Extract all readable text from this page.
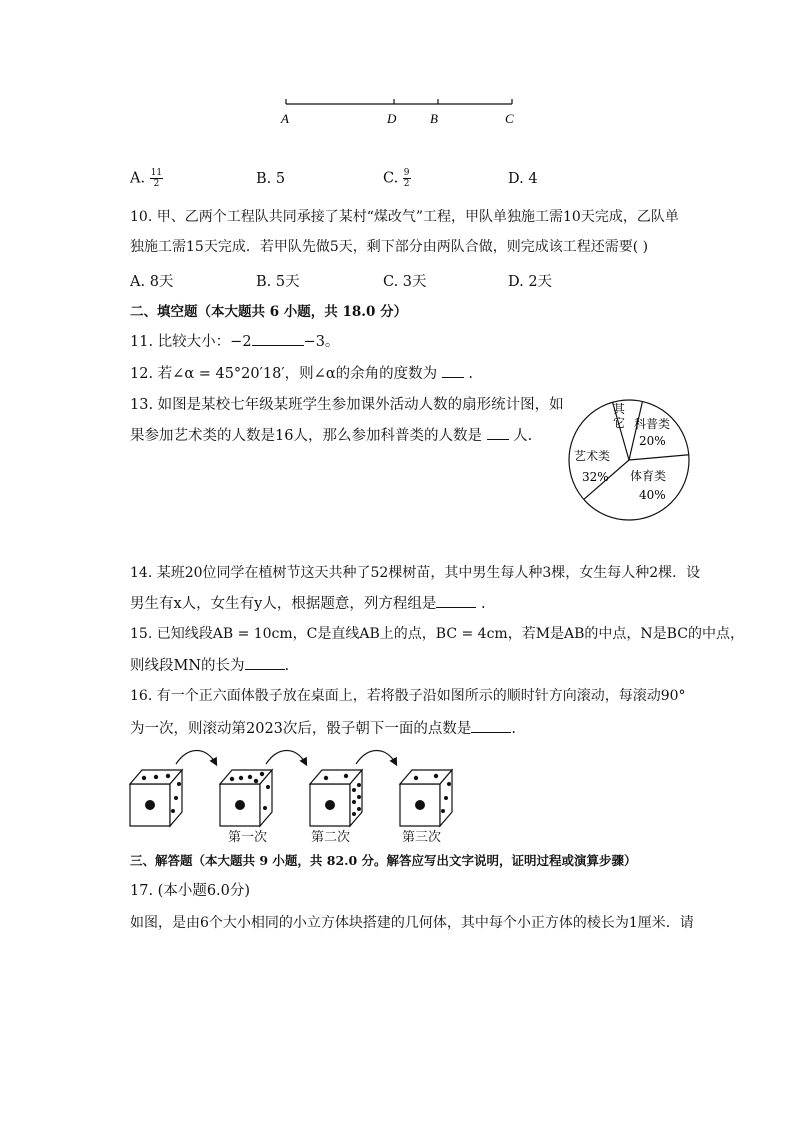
A	D	B	C
A. $\frac{11}{2}$	B. 5	C. $\frac{9}{2}$	D. 4
10. 甲、乙两个工程队共同承接了某村“煤改气”工程，甲队单独施工需10天完成，乙队单
独施工需15天完成．若甲队先做5天，剩下部分由两队合做，则完成该工程还需要( )
A. 8天	B. 5天	C. 3天	D. 2天
二、填空题（本大题共 6 小题，共 18.0 分）
11. 比较大小：−2	−3。
12. 若∠α = 45°20′18′，则∠α的余角的度数为  .
13. 如图是某校七年级某班学生参加课外活动人数的扇形统计图，如
果参加艺术类的人数是16人，那么参加科普类的人数是  人.
其
它 科普类
20%
艺术类
32% 体育类
40%
14. 某班20位同学在植树节这天共种了52棵树苗，其中男生每人种3棵，女生每人种2棵．设
男生有x人，女生有y人，根据题意，列方程组是	.
15. 已知线段AB = 10cm，C是直线AB上的点，BC = 4cm，若M是AB的中点，N是BC的中点，
则线段MN的长为	.
16. 有一个正六面体骰子放在桌面上，若将骰子沿如图所示的顺时针方向滚动，每滚动90°
为一次，则滚动第2023次后，骰子朝下一面的点数是	.
第一次	第二次	第三次
三、解答题（本大题共 9 小题，共 82.0 分。解答应写出文字说明，证明过程或演算步骤）
17. (本小题6.0分)
如图，是由6个大小相同的小立方体块搭建的几何体，其中每个小正方体的棱长为1厘米．请
